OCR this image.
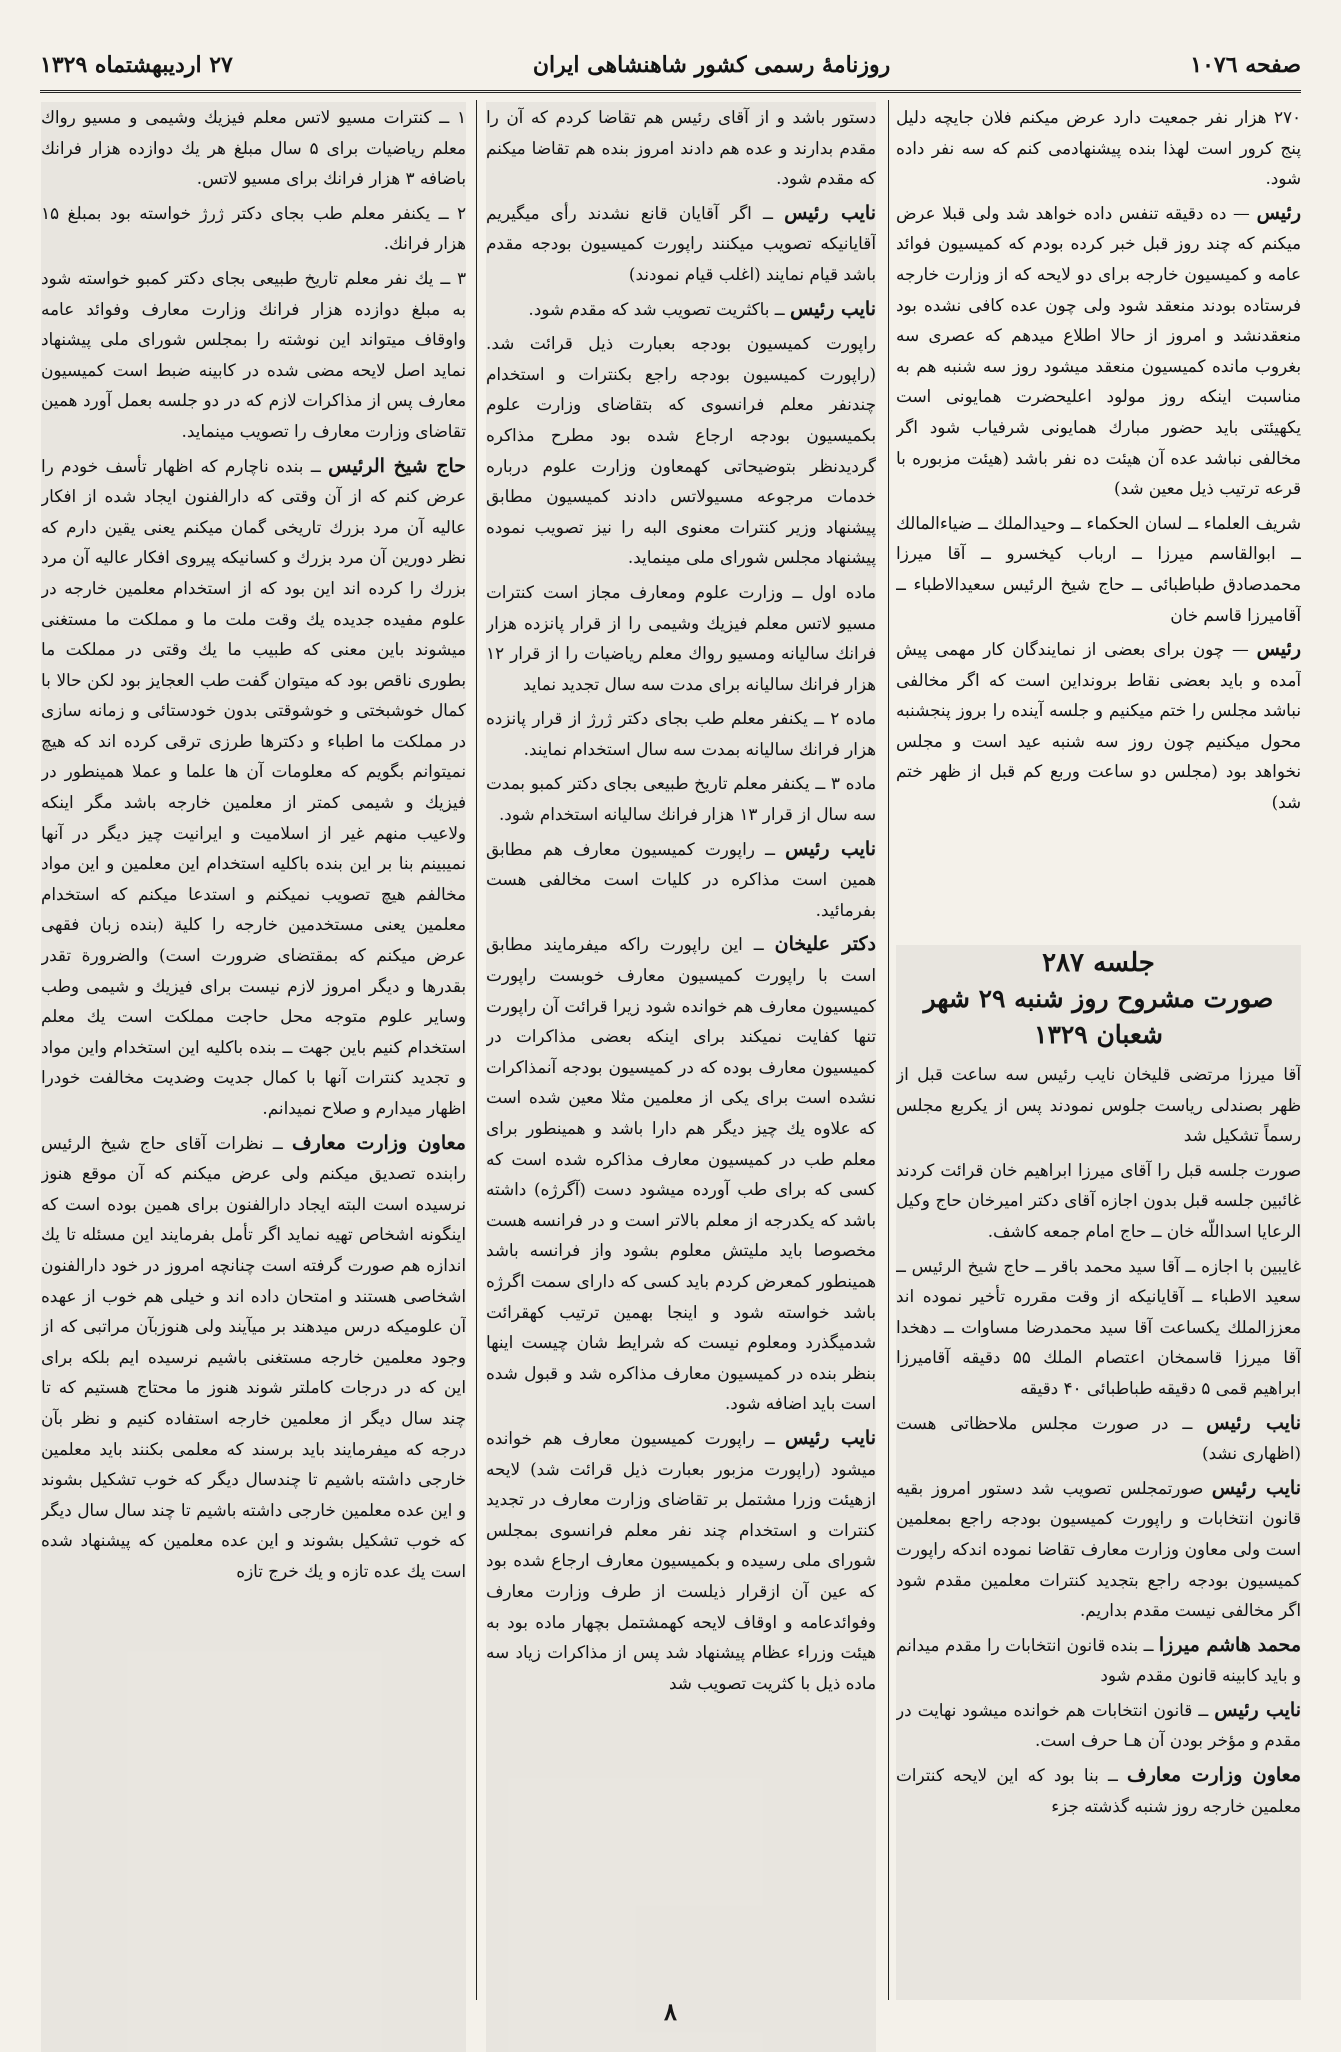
صفحه ۱۰۷٦
روزنامهٔ رسمی کشور شاهنشاهی ایران
۲۷ اردیبهشتماه ۱۳۲۹

۲۷۰ هزار نفر جمعیت دارد عرض میکنم فلان جایچه دلیل پنج کرور است لهذا بنده پیشنهادمی کنم که سه نفر داده شود.

رئیس — ده دقیقه تنفس داده خواهد شد ولی قبلا عرض میکنم که چند روز قبل خبر کرده بودم که کمیسیون فوائد عامه و کمیسیون خارجه برای دو لایحه که از وزارت خارجه فرستاده بودند منعقد شود ولی چون عده کافی نشده بود منعقدنشد و امروز از حالا اطلاع میدهم که عصری سه بغروب مانده کمیسیون منعقد میشود روز سه شنبه هم به مناسبت اینکه روز مولود اعلیحضرت همایونی است یکهیئتی باید حضور مبارك همایونی شرفیاب شود اگر مخالفی نباشد عده آن هیئت ده نفر باشد (هیئت مزبوره با قرعه ترتیب ذیل معین شد)

شریف العلماء ــ لسان الحکماء ــ وحیدالملك ــ ضیاءالمالك ــ ابوالقاسم میرزا ــ ارباب کیخسرو ــ آقا میرزا محمدصادق طباطبائی ــ حاج شیخ الرئیس سعیدالاطباء ــ آقامیرزا قاسم خان

رئیس — چون برای بعضی از نمایندگان کار مهمی پیش آمده و باید بعضی نقاط برونداین است که اگر مخالفی نباشد مجلس را ختم میکنیم و جلسه آینده را بروز پنجشنبه محول میکنیم چون روز سه شنبه عید است و مجلس نخواهد بود (مجلس دو ساعت وربع کم قبل از ظهر ختم شد)

جلسه ۲۸۷
صورت مشروح روز شنبه ۲۹ شهر شعبان ۱۳۲۹

آقا میرزا مرتضی قلیخان نایب رئیس سه ساعت قبل از ظهر بصندلی ریاست جلوس نمودند پس از یکربع مجلس رسماً تشکیل شد

صورت جلسه قبل را آقای میرزا ابراهیم خان قرائت کردند غائبین جلسه قبل بدون اجازه آقای دکتر امیرخان حاج وکیل الرعایا اسداللّه خان ــ حاج امام جمعه کاشف.

غایبین با اجازه ــ آقا سید محمد باقر ــ حاج شیخ الرئیس ــ سعید الاطباء ــ آقایانیکه از وقت مقرره تأخیر نموده اند معززالملك یکساعت آقا سید محمدرضا مساوات ــ دهخدا آقا میرزا قاسمخان اعتصام الملك ۵۵ دقیقه آقامیرزا ابراهیم قمی ۵ دقیقه طباطبائی ۴۰ دقیقه

نایب رئیس ــ در صورت مجلس ملاحظاتی هست (اظهاری نشد)

نایب رئیس صورتمجلس تصویب شد دستور امروز بقیه قانون انتخابات و راپورت کمیسیون بودجه راجع بمعلمین است ولی معاون وزارت معارف تقاضا نموده اندکه راپورت کمیسیون بودجه راجع بتجدید کنترات معلمین مقدم شود اگر مخالفی نیست مقدم بداریم.

محمد هاشم میرزا ــ بنده قانون انتخابات را مقدم میدانم و باید کابینه قانون مقدم شود

نایب رئیس ــ قانون انتخابات هم خوانده میشود نهایت در مقدم و مؤخر بودن آن هـا حرف است.

معاون وزارت معارف ــ بنا بود که این لایحه کنترات معلمین خارجه روز شنبه گذشته جزء

دستور باشد و از آقای رئیس هم تقاضا کردم که آن را مقدم بدارند و عده هم دادند امروز بنده هم تقاضا میکنم که مقدم شود.

نایب رئیس ــ اگر آقایان قانع نشدند رأی میگیریم آقایانیکه تصویب میکنند راپورت کمیسیون بودجه مقدم باشد قیام نمایند (اغلب قیام نمودند)

نایب رئیس ــ باکثریت تصویب شد که مقدم شود.

راپورت کمیسیون بودجه بعبارت ذیل قرائت شد. (راپورت کمیسیون بودجه راجع بکنترات و استخدام چندنفر معلم فرانسوی که بتقاضای وزارت علوم بکمیسیون بودجه ارجاع شده بود مطرح مذاکره گردیدنظر بتوضیحاتی کهمعاون وزارت علوم درباره خدمات مرجوعه مسیولاتس دادند کمیسیون مطابق پیشنهاد وزیر کنترات معنوی البه را نیز تصویب نموده پیشنهاد مجلس شورای ملی مینماید.

ماده اول ــ وزارت علوم ومعارف مجاز است کنترات مسیو لاتس معلم فیزیك وشیمی را از قرار پانزده هزار فرانك سالیانه ومسیو رواك معلم ریاضیات را از قرار ۱۲ هزار فرانك سالیانه برای مدت سه سال تجدید نماید

ماده ۲ ــ یکنفر معلم طب بجای دکتر ژرژ از قرار پانزده هزار فرانك سالیانه بمدت سه سال استخدام نمایند.

ماده ۳ ــ یکنفر معلم تاریخ طبیعی بجای دکتر کمبو بمدت سه سال از قرار ۱۳ هزار فرانك سالیانه استخدام شود.

نایب رئیس ــ راپورت کمیسیون معارف هم مطابق همین است مذاکره در کلیات است مخالفی هست بفرمائید.

دکتر علیخان ــ این راپورت راکه میفرمایند مطابق است با راپورت کمیسیون معارف خوبست راپورت کمیسیون معارف هم خوانده شود زیرا قرائت آن راپورت تنها کفایت نمیکند برای اینکه بعضی مذاکرات در کمیسیون معارف بوده که در کمیسیون بودجه آنمذاکرات نشده است برای یکی از معلمین مثلا معین شده است که علاوه یك چیز دیگر هم دارا باشد و همینطور برای معلم طب در کمیسیون معارف مذاکره شده است که کسی که برای طب آورده میشود دست (آگرژه) داشته باشد که یکدرجه از معلم بالاتر است و در فرانسه هست مخصوصا باید ملیتش معلوم بشود واز فرانسه باشد همینطور کمعرض کردم باید کسی که دارای سمت اگرژه باشد خواسته شود و اینجا بهمین ترتیب کهقرائت شدمیگذرد ومعلوم نیست که شرایط شان چیست اینها بنظر بنده در کمیسیون معارف مذاکره شد و قبول شده است باید اضافه شود.

نایب رئیس ــ راپورت کمیسیون معارف هم خوانده میشود (راپورت مزبور بعبارت ذیل قرائت شد) لایحه ازهیئت وزرا مشتمل بر تقاضای وزارت معارف در تجدید کنترات و استخدام چند نفر معلم فرانسوی بمجلس شورای ملی رسیده و بکمیسیون معارف ارجاع شده بود که عین آن ازقرار ذیلست از طرف وزارت معارف وفوائدعامه و اوقاف لایحه کهمشتمل بچهار ماده بود به هیئت وزراء عظام پیشنهاد شد پس از مذاکرات زیاد سه ماده ذیل با کثریت تصویب شد

۱ ــ کنترات مسیو لاتس معلم فیزیك وشیمی و مسیو رواك معلم ریاضیات برای ۵ سال مبلغ هر یك دوازده هزار فرانك باضافه ۳ هزار فرانك برای مسیو لاتس.

۲ ــ یکنفر معلم طب بجای دکتر ژرژ خواسته بود بمبلغ ۱۵ هزار فرانك.

۳ ــ یك نفر معلم تاریخ طبیعی بجای دکتر کمبو خواسته شود به مبلغ دوازده هزار فرانك وزارت معارف وفوائد عامه واوقاف میتواند این نوشته را بمجلس شورای ملی پیشنهاد نماید اصل لایحه مضی شده در کابینه ضبط است کمیسیون معارف پس از مذاکرات لازم که در دو جلسه بعمل آورد همین تقاضای وزارت معارف را تصویب مینماید.

حاج شیخ الرئیس ــ بنده ناچارم که اظهار تأسف خودم را عرض کنم که از آن وقتی که دارالفنون ایجاد شده از افکار عالیه آن مرد بزرك تاریخی گمان میکنم یعنی یقین دارم که نظر دورین آن مرد بزرك و کسانیکه پیروی افکار عالیه آن مرد بزرك را کرده اند این بود که از استخدام معلمین خارجه در علوم مفیده جدیده یك وقت ملت ما و مملکت ما مستغنی میشوند باین معنی که طبیب ما یك وقتی در مملکت ما بطوری ناقص بود که میتوان گفت طب العجایز بود لکن حالا با کمال خوشبختی و خوشوقتی بدون خودستائی و زمانه سازی در مملکت ما اطباء و دکترها طرزی ترقی کرده اند که هیچ نمیتوانم بگویم که معلومات آن ها علما و عملا همینطور در فیزیك و شیمی کمتر از معلمین خارجه باشد مگر اینکه ولاعیب منهم غیر از اسلامیت و ایرانیت چیز دیگر در آنها نمیبینم بنا بر این بنده باکلیه استخدام این معلمین و این مواد مخالفم هیچ تصویب نمیکنم و استدعا میکنم که استخدام معلمین یعنی مستخدمین خارجه را کلیة (بنده زبان فقهی عرض میکنم که بمقتضای ضرورت است) والضرورة تقدر بقدرها و دیگر امروز لازم نیست برای فیزیك و شیمی وطب وسایر علوم متوجه محل حاجت مملکت است یك معلم استخدام کنیم باین جهت ــ بنده باکلیه این استخدام واین مواد و تجدید کنترات آنها با کمال جدیت وضدیت مخالفت خودرا اظهار میدارم و صلاح نمیدانم.

معاون وزارت معارف ــ نظرات آقای حاج شیخ الرئیس رابنده تصدیق میکنم ولی عرض میکنم که آن موقع هنوز نرسیده است البته ایجاد دارالفنون برای همین بوده است که اینگونه اشخاص تهیه نماید اگر تأمل بفرمایند این مسئله تا یك اندازه هم صورت گرفته است چنانچه امروز در خود دارالفنون اشخاصی هستند و امتحان داده اند و خیلی هم خوب از عهده آن علومیکه درس میدهند بر میآیند ولی هنوزبآن مراتبی که از وجود معلمین خارجه مستغنی باشیم نرسیده ایم بلکه برای این که در درجات کاملتر شوند هنوز ما محتاج هستیم که تا چند سال دیگر از معلمین خارجه استفاده کنیم و نظر بآن درجه که میفرمایند باید برسند که معلمی بکنند باید معلمین خارجی داشته باشیم تا چندسال دیگر که خوب تشکیل بشوند و این عده معلمین خارجی داشته باشیم تا چند سال سال دیگر که خوب تشکیل بشوند و این عده معلمین که پیشنهاد شده است یك عده تازه و یك خرج تازه

۸
